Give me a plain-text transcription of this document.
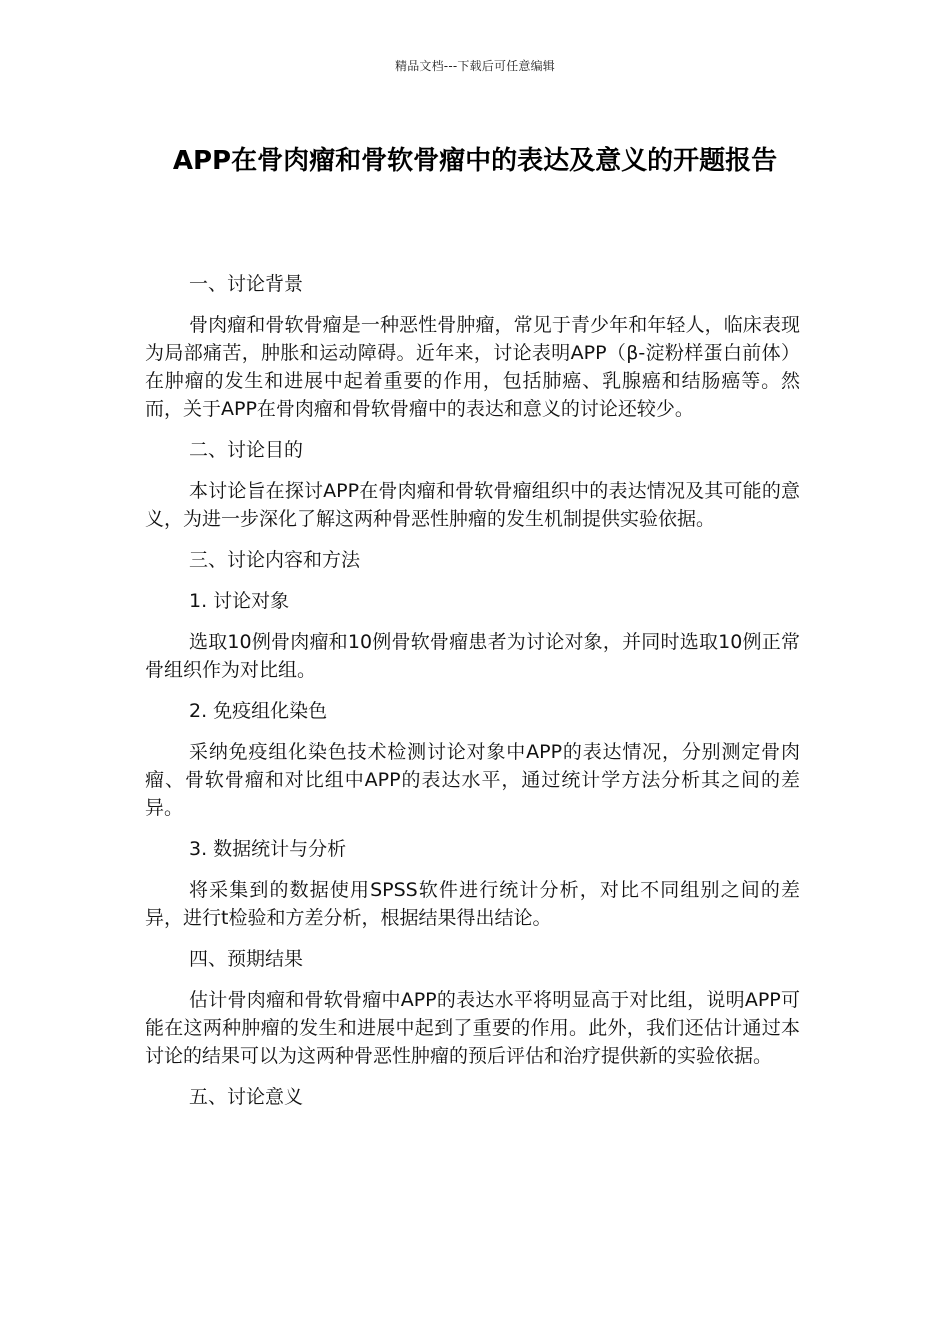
精品文档---下载后可任意编辑
APP在骨肉瘤和骨软骨瘤中的表达及意义的开题报告

一、讨论背景

骨肉瘤和骨软骨瘤是一种恶性骨肿瘤，常见于青少年和年轻人，临床表现为局部痛苦，肿胀和运动障碍。近年来，讨论表明APP（β-淀粉样蛋白前体）在肿瘤的发生和进展中起着重要的作用，包括肺癌、乳腺癌和结肠癌等。然而，关于APP在骨肉瘤和骨软骨瘤中的表达和意义的讨论还较少。

二、讨论目的

本讨论旨在探讨APP在骨肉瘤和骨软骨瘤组织中的表达情况及其可能的意义，为进一步深化了解这两种骨恶性肿瘤的发生机制提供实验依据。

三、讨论内容和方法

1. 讨论对象

选取10例骨肉瘤和10例骨软骨瘤患者为讨论对象，并同时选取10例正常骨组织作为对比组。

2. 免疫组化染色

采纳免疫组化染色技术检测讨论对象中APP的表达情况，分别测定骨肉瘤、骨软骨瘤和对比组中APP的表达水平，通过统计学方法分析其之间的差异。

3. 数据统计与分析

将采集到的数据使用SPSS软件进行统计分析，对比不同组别之间的差异，进行t检验和方差分析，根据结果得出结论。

四、预期结果

估计骨肉瘤和骨软骨瘤中APP的表达水平将明显高于对比组，说明APP可能在这两种肿瘤的发生和进展中起到了重要的作用。此外，我们还估计通过本讨论的结果可以为这两种骨恶性肿瘤的预后评估和治疗提供新的实验依据。

五、讨论意义
